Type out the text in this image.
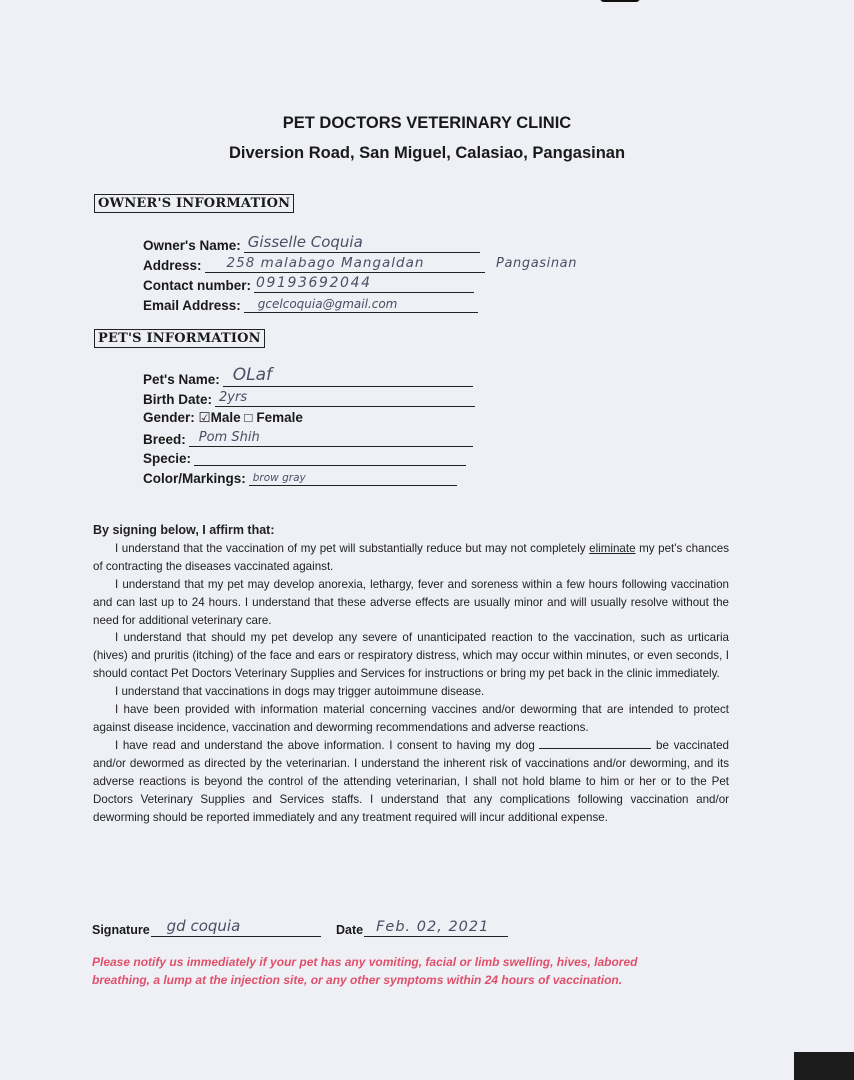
PET DOCTORS VETERINARY CLINIC
Diversion Road, San Miguel, Calasiao, Pangasinan
OWNER'S INFORMATION
Owner's Name: Gisselle Coquia
Address: 258 malabago Mangaldan	Pangasinan
Contact number: 09193692044
Email Address: gcelcoquia@gmail.com
PET'S INFORMATION
Pet's Name: OLaf
Birth Date: 2yrs
Gender: ☑Male □ Female
Breed: Pom Shih
Specie:
Color/Markings: brow gray
By signing below, I affirm that:

I understand that the vaccination of my pet will substantially reduce but may not completely eliminate my pet's chances of contracting the diseases vaccinated against.

I understand that my pet may develop anorexia, lethargy, fever and soreness within a few hours following vaccination and can last up to 24 hours. I understand that these adverse effects are usually minor and will usually resolve without the need for additional veterinary care.

I understand that should my pet develop any severe of unanticipated reaction to the vaccination, such as urticaria (hives) and pruritis (itching) of the face and ears or respiratory distress, which may occur within minutes, or even seconds, I should contact Pet Doctors Veterinary Supplies and Services for instructions or bring my pet back in the clinic immediately.

I understand that vaccinations in dogs may trigger autoimmune disease.

I have been provided with information material concerning vaccines and/or deworming that are intended to protect against disease incidence, vaccination and deworming recommendations and adverse reactions.

I have read and understand the above information. I consent to having my dog	be vaccinated and/or dewormed as directed by the veterinarian. I understand the inherent risk of vaccinations and/or deworming, and its adverse reactions is beyond the control of the attending veterinarian, I shall not hold blame to him or her or to the Pet Doctors Veterinary Supplies and Services staffs. I understand that any complications following vaccination and/or deworming should be reported immediately and any treatment required will incur additional expense.

Signature gd coquia	Date Feb. 02, 2021
Please notify us immediately if your pet has any vomiting, facial or limb swelling, hives, labored breathing, a lump at the injection site, or any other symptoms within 24 hours of vaccination.
